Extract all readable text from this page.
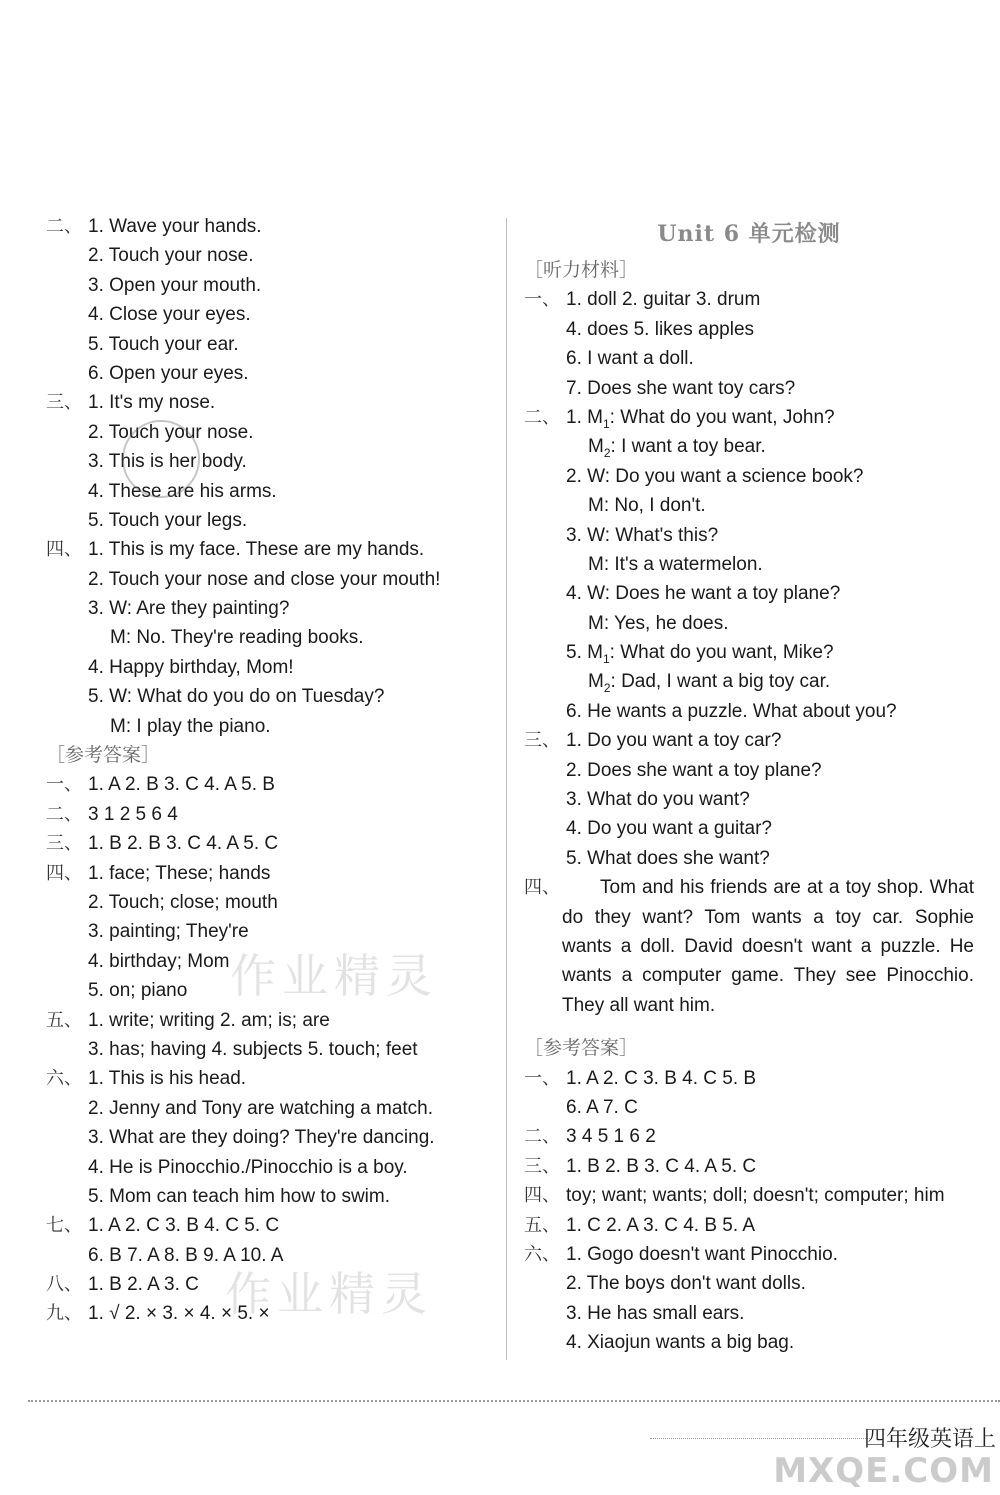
二、 1. Wave your hands.
2. Touch your nose.
3. Open your mouth.
4. Close your eyes.
5. Touch your ear.
6. Open your eyes.
三、 1. It's my nose.
2. Touch your nose.
3. This is her body.
4. These are his arms.
5. Touch your legs.
四、 1. This is my face. These are my hands.
2. Touch your nose and close your mouth!
3. W: Are they painting?
M: No. They're reading books.
4. Happy birthday, Mom!
5. W: What do you do on Tuesday?
M: I play the piano.
［参考答案］
一、 1. A 2. B 3. C 4. A 5. B
二、 3 1 2 5 6 4
三、 1. B 2. B 3. C 4. A 5. C
四、 1. face; These; hands
2. Touch; close; mouth
3. painting; They're
4. birthday; Mom
5. on; piano
五、 1. write; writing 2. am; is; are
3. has; having 4. subjects 5. touch; feet
六、 1. This is his head.
2. Jenny and Tony are watching a match.
3. What are they doing? They're dancing.
4. He is Pinocchio./Pinocchio is a boy.
5. Mom can teach him how to swim.
七、 1. A 2. C 3. B 4. C 5. C
6. B 7. A 8. B 9. A 10. A
八、 1. B 2. A 3. C
九、 1. √ 2. × 3. × 4. × 5. ×
Unit 6 单元检测
［听力材料］
一、 1. doll 2. guitar 3. drum
4. does 5. likes apples
6. I want a doll.
7. Does she want toy cars?
二、 1. $M_1$: What do you want, John?
$M_2$: I want a toy bear.
2. W: Do you want a science book?
M: No, I don't.
3. W: What's this?
M: It's a watermelon.
4. W: Does he want a toy plane?
M: Yes, he does.
5. $M_1$: What do you want, Mike?
$M_2$: Dad, I want a big toy car.
6. He wants a puzzle. What about you?
三、 1. Do you want a toy car?
2. Does she want a toy plane?
3. What do you want?
4. Do you want a guitar?
5. What does she want?

四、 Tom and his friends are at a toy shop. What do they want? Tom wants a toy car. Sophie wants a doll. David doesn't want a puzzle. He wants a computer game. They see Pinocchio. They all want him.

［参考答案］
一、 1. A 2. C 3. B 4. C 5. B
6. A 7. C
二、 3 4 5 1 6 2
三、 1. B 2. B 3. C 4. A 5. C
四、 toy; want; wants; doll; doesn't; computer; him
五、 1. C 2. A 3. C 4. B 5. A
六、 1. Gogo doesn't want Pinocchio.
2. The boys don't want dolls.
3. He has small ears.
4. Xiaojun wants a big bag.
作业精灵
作业精灵
四年级英语上
MXQE.COM
